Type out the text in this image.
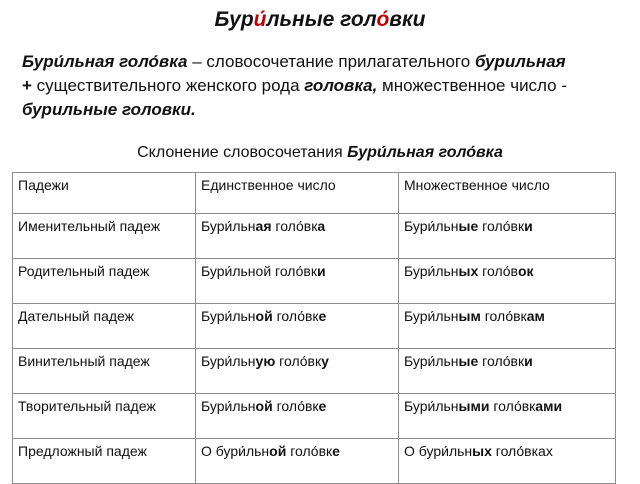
Бури́льные голо́вки
Бури́льная голо́вка – словосочетание прилагательного бурильная
+ существительного женского рода головка, множественное число - бурильные головки.
Склонение словосочетания Бури́льная голо́вка
Падежи	Единственное число	Множественное число
Именительный падеж	Бури́льная голо́вка	Бури́льные голо́вки
Родительный падеж	Бури́льной голо́вки	Бури́льных голо́вок
Дательный падеж	Бури́льной голо́вке	Бури́льным голо́вкам
Винительный падеж	Бури́льную голо́вку	Бури́льные голо́вки
Творительный падеж	Бури́льной голо́вке	Бури́льными голо́вками
Предложный падеж	О бури́льной голо́вке	О бури́льных голо́вках
